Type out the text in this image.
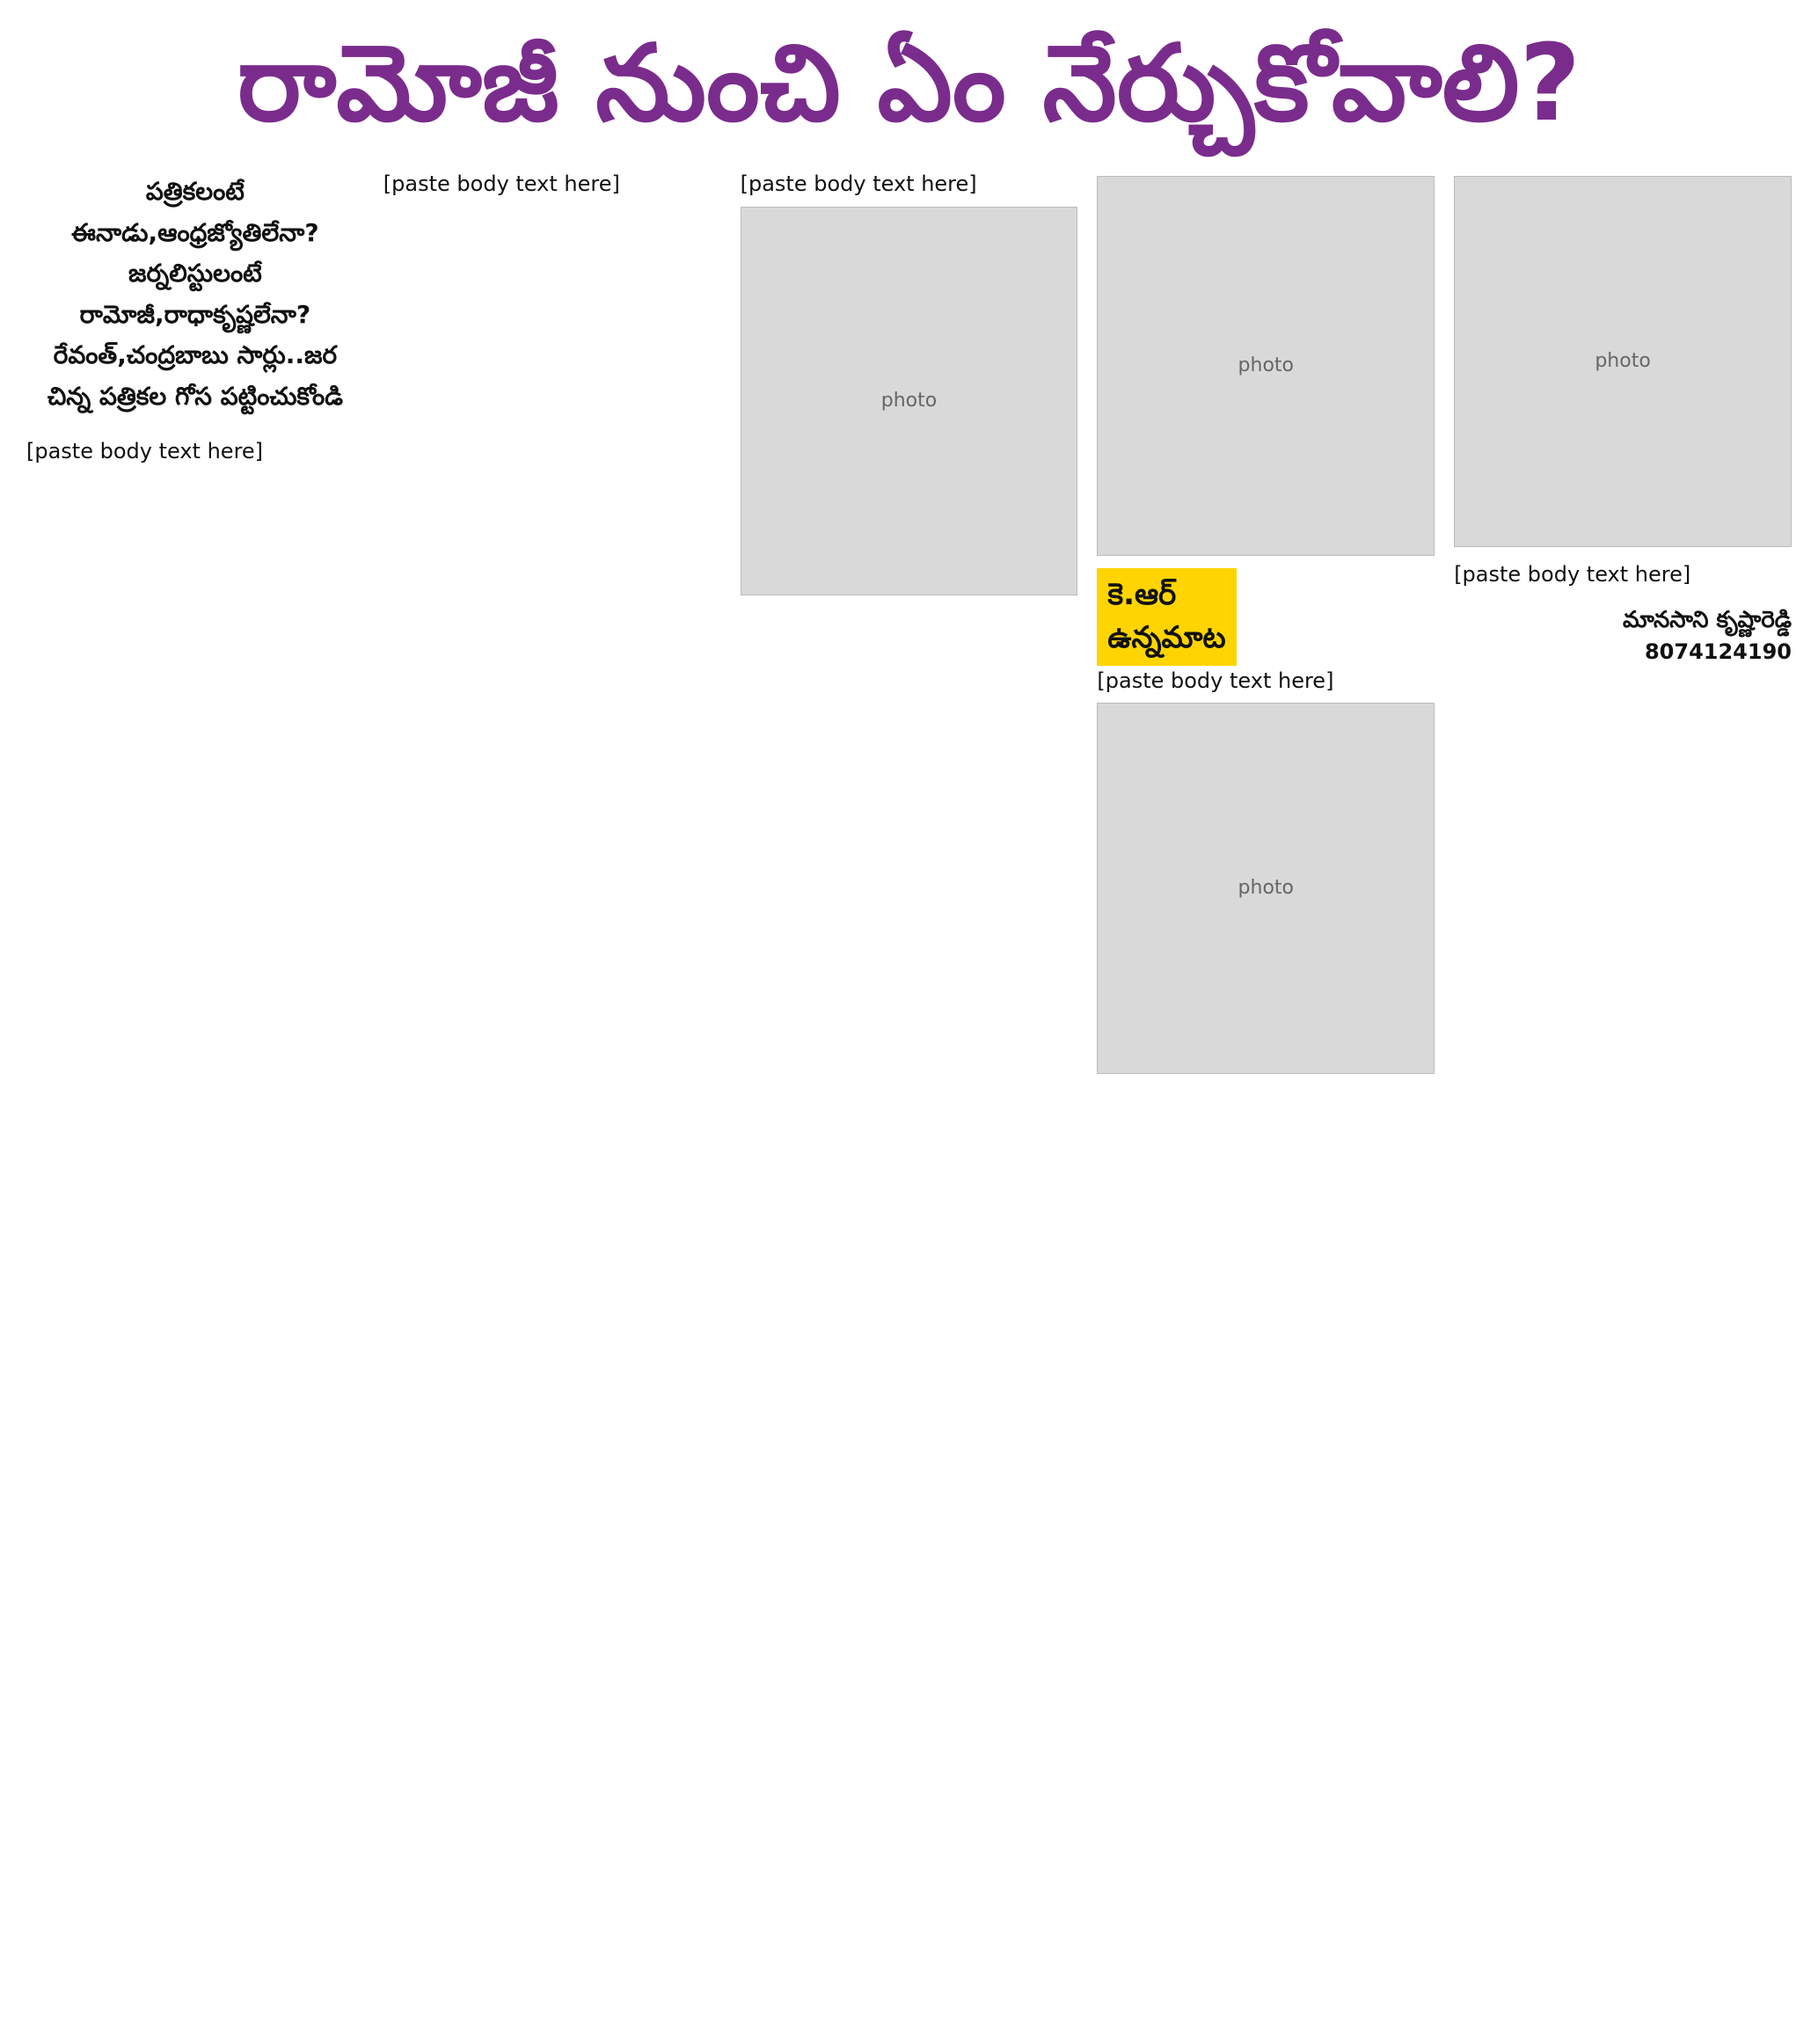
రామోజీ నుంచి ఏం నేర్చుకోవాలి?

పత్రికలంటే

ఈనాడు,ఆంధ్రజ్యోతిలేనా?

జర్నలిస్టులంటే

రామోజీ,రాధాకృష్ణలేనా?

రేవంత్,చంద్రబాబు సార్లు..జర

చిన్న పత్రికల గోస పట్టించుకోండి

[paste body text here]
[paste body text here]	[paste body text here]
photo
photo
కె.ఆర్
ఉన్నమాట
[paste body text here]
photo
photo
[paste body text here]
మానసాని కృష్ణారెడ్డి
8074124190
